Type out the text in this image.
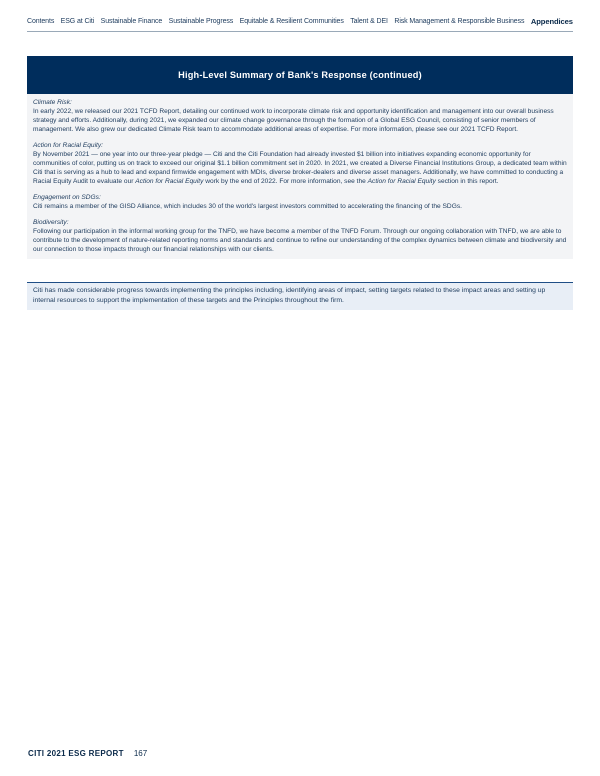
Contents ESG at Citi Sustainable Finance Sustainable Progress Equitable & Resilient Communities Talent & DEI Risk Management & Responsible Business Appendices
High-Level Summary of Bank's Response (continued)
Climate Risk:
In early 2022, we released our 2021 TCFD Report, detailing our continued work to incorporate climate risk and opportunity identification and management into our overall business strategy and efforts. Additionally, during 2021, we expanded our climate change governance through the formation of a Global ESG Council, consisting of senior members of management. We also grew our dedicated Climate Risk team to accommodate additional areas of expertise. For more information, please see our 2021 TCFD Report.
Action for Racial Equity:
By November 2021 — one year into our three-year pledge — Citi and the Citi Foundation had already invested $1 billion into initiatives expanding economic opportunity for communities of color, putting us on track to exceed our original $1.1 billion commitment set in 2020. In 2021, we created a Diverse Financial Institutions Group, a dedicated team within Citi that is serving as a hub to lead and expand firmwide engagement with MDIs, diverse broker-dealers and diverse asset managers. Additionally, we have committed to conducting a Racial Equity Audit to evaluate our Action for Racial Equity work by the end of 2022. For more information, see the Action for Racial Equity section in this report.
Engagement on SDGs:
Citi remains a member of the GISD Alliance, which includes 30 of the world's largest investors committed to accelerating the financing of the SDGs.
Biodiversity:
Following our participation in the informal working group for the TNFD, we have become a member of the TNFD Forum. Through our ongoing collaboration with TNFD, we are able to contribute to the development of nature-related reporting norms and standards and continue to refine our understanding of the complex dynamics between climate and biodiversity and our connection to those impacts through our financial relationships with our clients.
Citi has made considerable progress towards implementing the principles including, identifying areas of impact, setting targets related to these impact areas and setting up internal resources to support the implementation of these targets and the Principles throughout the firm.
CITI 2021 ESG REPORT 167
